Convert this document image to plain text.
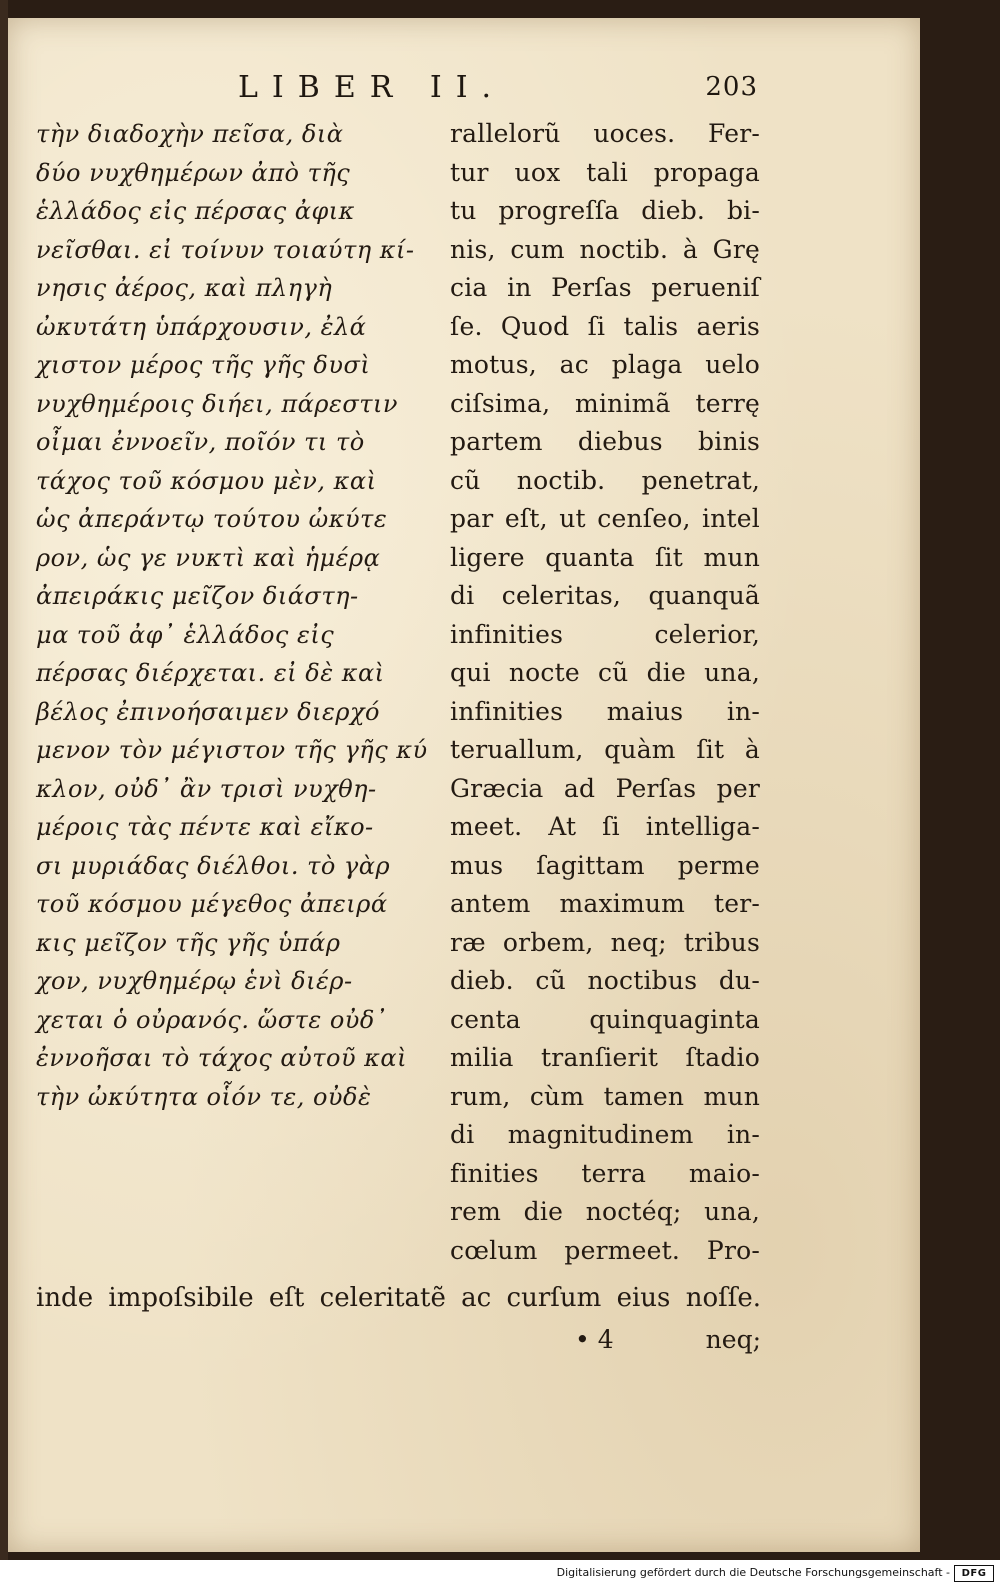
LIBER II.	203
τὴν διαδοχὴν πεῖσα, διὰ
δύο νυχθημέρων ἀπὸ τῆς
ἑλλάδος εἰς πέρσας ἀφικ
νεῖσθαι. εἰ τοίνυν τοιαύτη κί-
νησις ἀέρος, καὶ πληγὴ
ὠκυτάτη ὑπάρχουσιν, ἐλά
χιστον μέρος τῆς γῆς δυσὶ
νυχθημέροις διήει, πάρεστιν
οἶμαι ἐννοεῖν, ποῖόν τι τὸ
τάχος τοῦ κόσμου μὲν, καὶ
ὡς ἀπεράντῳ τούτου ὠκύτε
ρον, ὡς γε νυκτὶ καὶ ἡμέρᾳ
ἀπειράκις μεῖζον διάστη-
μα τοῦ ἀφ᾽ ἑλλάδος εἰς
πέρσας διέρχεται. εἰ δὲ καὶ
βέλος ἐπινοήσαιμεν διερχό
μενον τὸν μέγιστον τῆς γῆς κύ
κλον, οὐδ᾽ ἂν τρισὶ νυχθη-
μέροις τὰς πέντε καὶ εἴκο-
σι μυριάδας διέλθοι. τὸ γὰρ
τοῦ κόσμου μέγεθος ἀπειρά
κις μεῖζον τῆς γῆς ὑπάρ
χον, νυχθημέρῳ ἑνὶ διέρ-
χεται ὁ οὐρανός. ὥστε οὐδ᾽
ἐννοῆσαι τὸ τάχος αὐτοῦ καὶ
τὴν ὠκύτητα οἷόν τε, οὐδὲ
rallelorũ uoces. Fer-
tur uox tali propaga
tu progreſſa dieb. bi-
nis, cum noctib. à Grę
cia in Perſas perueniſ
ſe. Quod ſi talis aeris
motus, ac plaga uelo
ciſsima, minimã terrę
partem diebus binis
cũ noctib. penetrat,
par eſt, ut cenſeo, intel
ligere quanta ſit mun
di celeritas, quanquã
infinities celerior,
qui nocte cũ die una,
infinities maius in-
teruallum, quàm ſit à
Græcia ad Perſas per
meet. At ſi intelliga-
mus ſagittam perme
antem maximum ter-
ræ orbem, neq; tribus
dieb. cũ noctibus du-
centa quinquaginta
milia tranſierit ſtadio
rum, cùm tamen mun
di magnitudinem in-
finities terra maio-
rem die noctéq; una,
cœlum permeet. Pro-
inde impoſsibile eſt celeritatẽ ac curſum eius noſſe.
• 4	neq;
Digitalisierung gefördert durch die Deutsche Forschungsgemeinschaft -	DFG
